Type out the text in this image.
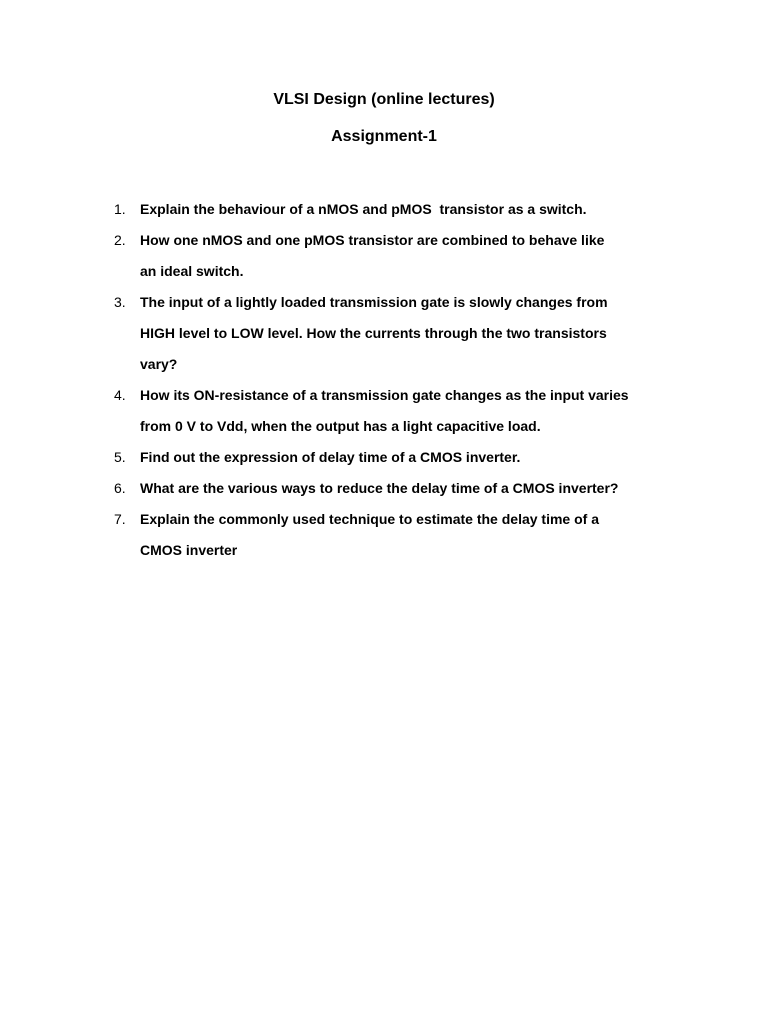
VLSI Design (online lectures)
Assignment-1
1.	Explain the behaviour of a nMOS and pMOS  transistor as a switch.
2.	How one nMOS and one pMOS transistor are combined to behave like
an ideal switch.
3.	The input of a lightly loaded transmission gate is slowly changes from
HIGH level to LOW level. How the currents through the two transistors
vary?
4.	How its ON-resistance of a transmission gate changes as the input varies
from 0 V to Vdd, when the output has a light capacitive load.
5.	Find out the expression of delay time of a CMOS inverter.
6.	What are the various ways to reduce the delay time of a CMOS inverter?
7.	Explain the commonly used technique to estimate the delay time of a
CMOS inverter
